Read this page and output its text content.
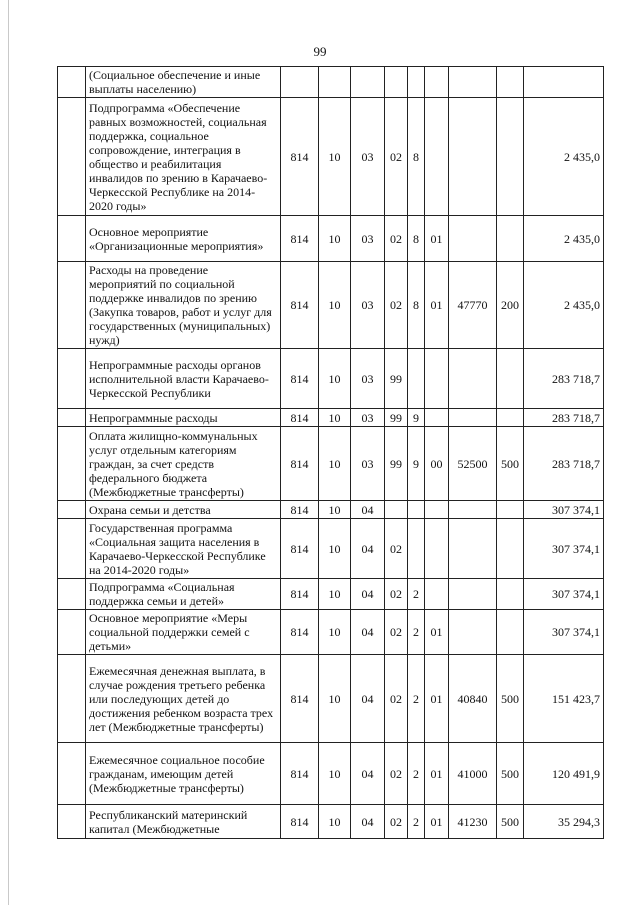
99
	(Социальное обеспечение и иные выплаты населению)									
	Подпрограмма «Обеспечение равных возможностей, социальная поддержка, социальное сопровождение, интеграция в общество и реабилитация инвалидов по зрению в Карачаево-Черкесской Республике на 2014-2020 годы»	814	10	03	02	8				2 435,0
	Основное мероприятие «Организационные мероприятия»	814	10	03	02	8	01			2 435,0
	Расходы на проведение мероприятий по социальной поддержке инвалидов по зрению (Закупка товаров, работ и услуг для государственных (муниципальных) нужд)	814	10	03	02	8	01	47770	200	2 435,0
	Непрограммные расходы органов исполнительной власти Карачаево-Черкесской Республики	814	10	03	99					283 718,7
	Непрограммные расходы	814	10	03	99	9				283 718,7
	Оплата жилищно-коммунальных услуг отдельным категориям граждан, за счет средств федерального бюджета (Межбюджетные трансферты)	814	10	03	99	9	00	52500	500	283 718,7
	Охрана семьи и детства	814	10	04						307 374,1
	Государственная программа «Социальная защита населения в Карачаево-Черкесской Республике на 2014-2020 годы»	814	10	04	02					307 374,1
	Подпрограмма «Социальная поддержка семьи и детей»	814	10	04	02	2				307 374,1
	Основное мероприятие «Меры социальной поддержки семей с детьми»	814	10	04	02	2	01			307 374,1
	Ежемесячная денежная выплата, в случае рождения третьего ребенка или последующих детей до достижения ребенком возраста трех лет (Межбюджетные трансферты)	814	10	04	02	2	01	40840	500	151 423,7
	Ежемесячное социальное пособие гражданам, имеющим детей (Межбюджетные трансферты)	814	10	04	02	2	01	41000	500	120 491,9
	Республиканский материнский капитал (Межбюджетные	814	10	04	02	2	01	41230	500	35 294,3
